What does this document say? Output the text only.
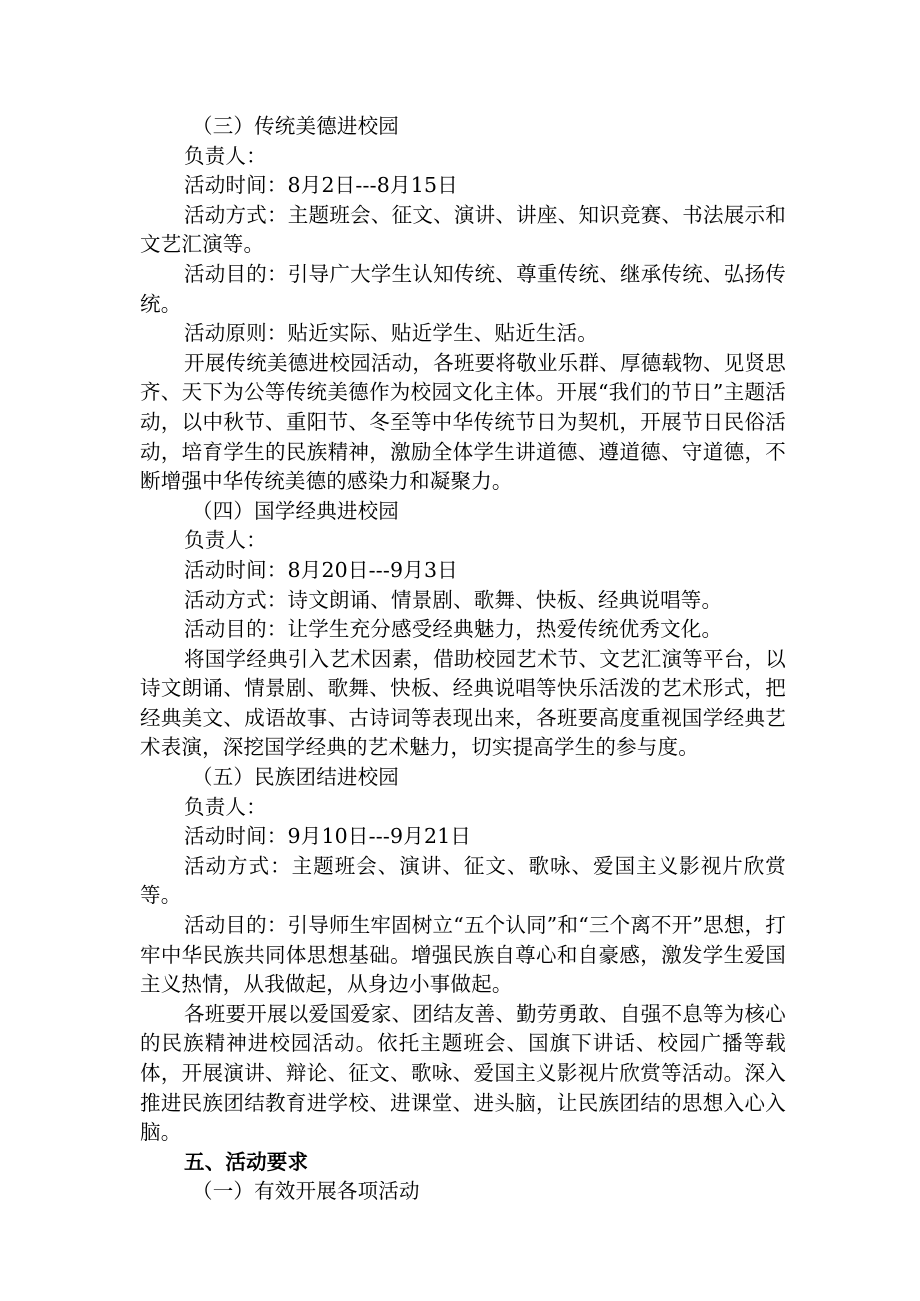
（三）传统美德进校园

负责人：

活动时间：8月2日---8月15日

活动方式：主题班会、征文、演讲、讲座、知识竞赛、书法展示和文艺汇演等。

活动目的：引导广大学生认知传统、尊重传统、继承传统、弘扬传统。

活动原则：贴近实际、贴近学生、贴近生活。

开展传统美德进校园活动，各班要将敬业乐群、厚德载物、见贤思齐、天下为公等传统美德作为校园文化主体。开展“我们的节日”主题活动，以中秋节、重阳节、冬至等中华传统节日为契机，开展节日民俗活动，培育学生的民族精神，激励全体学生讲道德、遵道德、守道德，不断增强中华传统美德的感染力和凝聚力。

（四）国学经典进校园

负责人：

活动时间：8月20日---9月3日

活动方式：诗文朗诵、情景剧、歌舞、快板、经典说唱等。

活动目的：让学生充分感受经典魅力，热爱传统优秀文化。

将国学经典引入艺术因素，借助校园艺术节、文艺汇演等平台，以诗文朗诵、情景剧、歌舞、快板、经典说唱等快乐活泼的艺术形式，把经典美文、成语故事、古诗词等表现出来，各班要高度重视国学经典艺术表演，深挖国学经典的艺术魅力，切实提高学生的参与度。

（五）民族团结进校园

负责人：

活动时间：9月10日---9月21日

活动方式：主题班会、演讲、征文、歌咏、爱国主义影视片欣赏等。

活动目的：引导师生牢固树立“五个认同”和“三个离不开”思想，打牢中华民族共同体思想基础。增强民族自尊心和自豪感，激发学生爱国主义热情，从我做起，从身边小事做起。

各班要开展以爱国爱家、团结友善、勤劳勇敢、自强不息等为核心的民族精神进校园活动。依托主题班会、国旗下讲话、校园广播等载体，开展演讲、辩论、征文、歌咏、爱国主义影视片欣赏等活动。深入推进民族团结教育进学校、进课堂、进头脑，让民族团结的思想入心入脑。

五、活动要求

（一）有效开展各项活动
